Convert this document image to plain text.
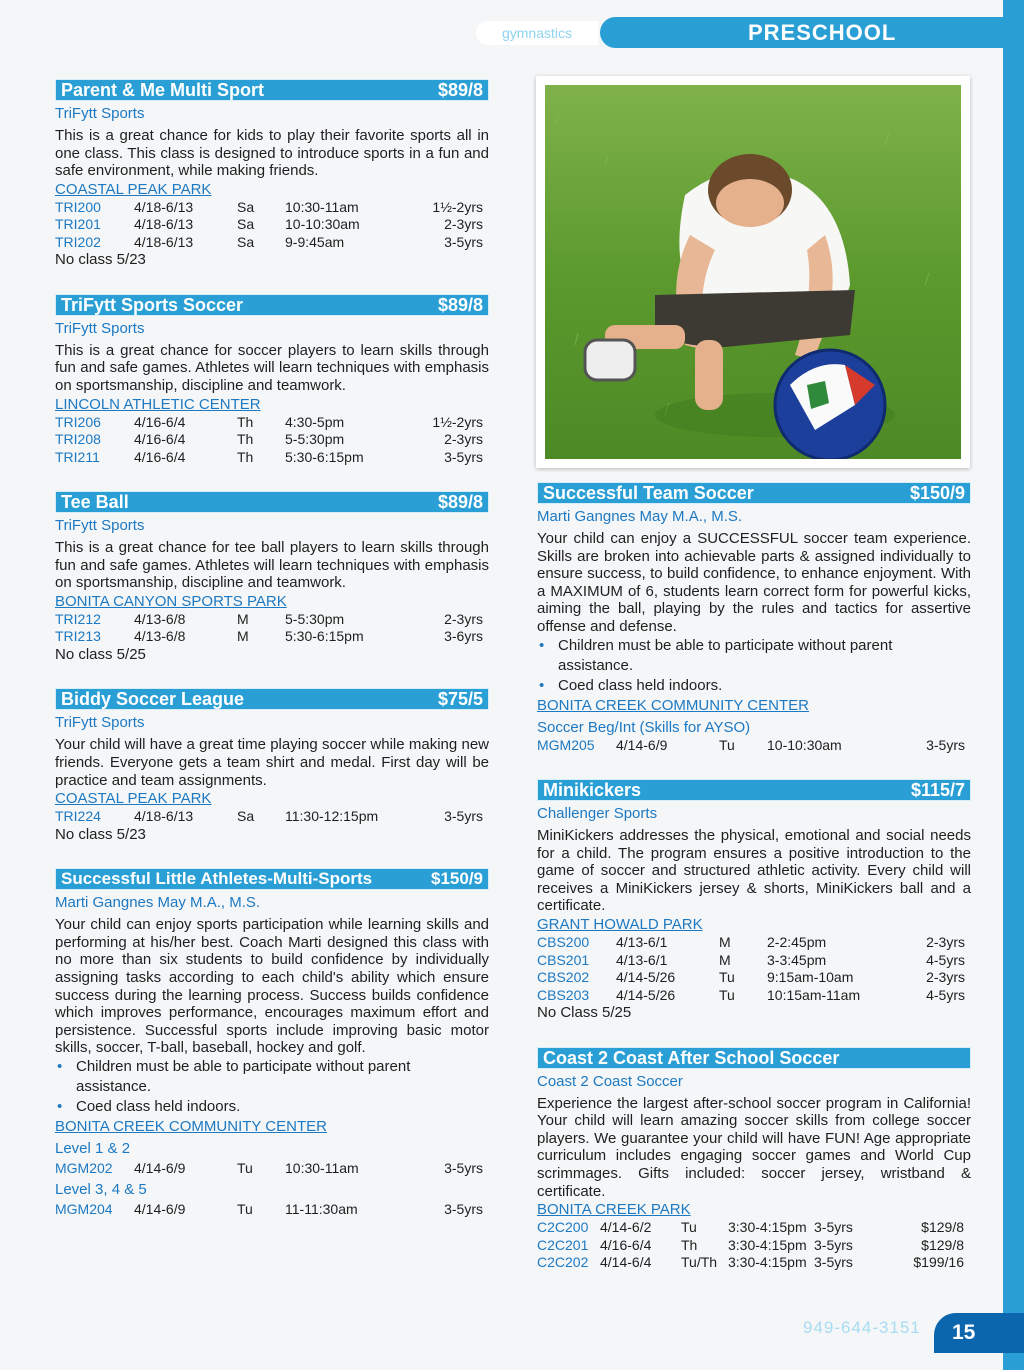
gymnastics	PRESCHOOL
Parent & Me Multi Sport	$89/8
TriFytt Sports
This is a great chance for kids to play their favorite sports all in one class. This class is designed to introduce sports in a fun and safe environment, while making friends.
COASTAL PEAK PARK
TRI200	4/18-6/13	Sa	10:30-11am	1½-2yrs
TRI201	4/18-6/13	Sa	10-10:30am	2-3yrs
TRI202	4/18-6/13	Sa	9-9:45am	3-5yrs
No class 5/23
TriFytt Sports Soccer	$89/8
TriFytt Sports
This is a great chance for soccer players to learn skills through fun and safe games. Athletes will learn techniques with emphasis on sportsmanship, discipline and teamwork.
LINCOLN ATHLETIC CENTER
TRI206	4/16-6/4	Th	4:30-5pm	1½-2yrs
TRI208	4/16-6/4	Th	5-5:30pm	2-3yrs
TRI211	4/16-6/4	Th	5:30-6:15pm	3-5yrs
Tee Ball	$89/8
TriFytt Sports
This is a great chance for tee ball players to learn skills through fun and safe games. Athletes will learn techniques with emphasis on sportsmanship, discipline and teamwork.
BONITA CANYON SPORTS PARK
TRI212	4/13-6/8	M	5-5:30pm	2-3yrs
TRI213	4/13-6/8	M	5:30-6:15pm	3-6yrs
No class 5/25
Biddy Soccer League	$75/5
TriFytt Sports
Your child will have a great time playing soccer while making new friends. Everyone gets a team shirt and medal. First day will be practice and team assignments.
COASTAL PEAK PARK
TRI224	4/18-6/13	Sa	11:30-12:15pm	3-5yrs
No class 5/23
Successful Little Athletes-Multi-Sports	$150/9
Marti Gangnes May M.A., M.S.
Your child can enjoy sports participation while learning skills and performing at his/her best. Coach Marti designed this class with no more than six students to build confidence by individually assigning tasks according to each child's ability which ensure success during the learning process. Success builds confidence which improves performance, encourages maximum effort and persistence. Successful sports include improving basic motor skills, soccer, T-ball, baseball, hockey and golf.
• Children must be able to participate without parent assistance.
• Coed class held indoors.
BONITA CREEK COMMUNITY CENTER
Level 1 & 2
MGM202	4/14-6/9	Tu	10:30-11am	3-5yrs
Level 3, 4 & 5
MGM204	4/14-6/9	Tu	11-11:30am	3-5yrs
Successful Team Soccer	$150/9
Marti Gangnes May M.A., M.S.
Your child can enjoy a SUCCESSFUL soccer team experience. Skills are broken into achievable parts & assigned individually to ensure success, to build confidence, to enhance enjoyment. With a MAXIMUM of 6, students learn correct form for powerful kicks, aiming the ball, playing by the rules and tactics for assertive offense and defense.
• Children must be able to participate without parent assistance.
• Coed class held indoors.
BONITA CREEK COMMUNITY CENTER
Soccer Beg/Int (Skills for AYSO)
MGM205	4/14-6/9	Tu	10-10:30am	3-5yrs
Minikickers	$115/7
Challenger Sports
MiniKickers addresses the physical, emotional and social needs for a child. The program ensures a positive introduction to the game of soccer and structured athletic activity. Every child will receives a MiniKickers jersey & shorts, MiniKickers ball and a certificate.
GRANT HOWALD PARK
CBS200	4/13-6/1	M	2-2:45pm	2-3yrs
CBS201	4/13-6/1	M	3-3:45pm	4-5yrs
CBS202	4/14-5/26	Tu	9:15am-10am	2-3yrs
CBS203	4/14-5/26	Tu	10:15am-11am	4-5yrs
No Class 5/25
Coast 2 Coast After School Soccer
Coast 2 Coast Soccer
Experience the largest after-school soccer program in California! Your child will learn amazing soccer skills from college soccer players. We guarantee your child will have FUN! Age appropriate curriculum includes engaging soccer games and World Cup scrimmages. Gifts included: soccer jersey, wristband & certificate.
BONITA CREEK PARK
C2C200 4/14-6/2	Tu	3:30-4:15pm 3-5yrs	$129/8
C2C201 4/16-6/4	Th	3:30-4:15pm 3-5yrs	$129/8
C2C202 4/14-6/4	Tu/Th 3:30-4:15pm 3-5yrs	$199/16
949-644-3151	15
